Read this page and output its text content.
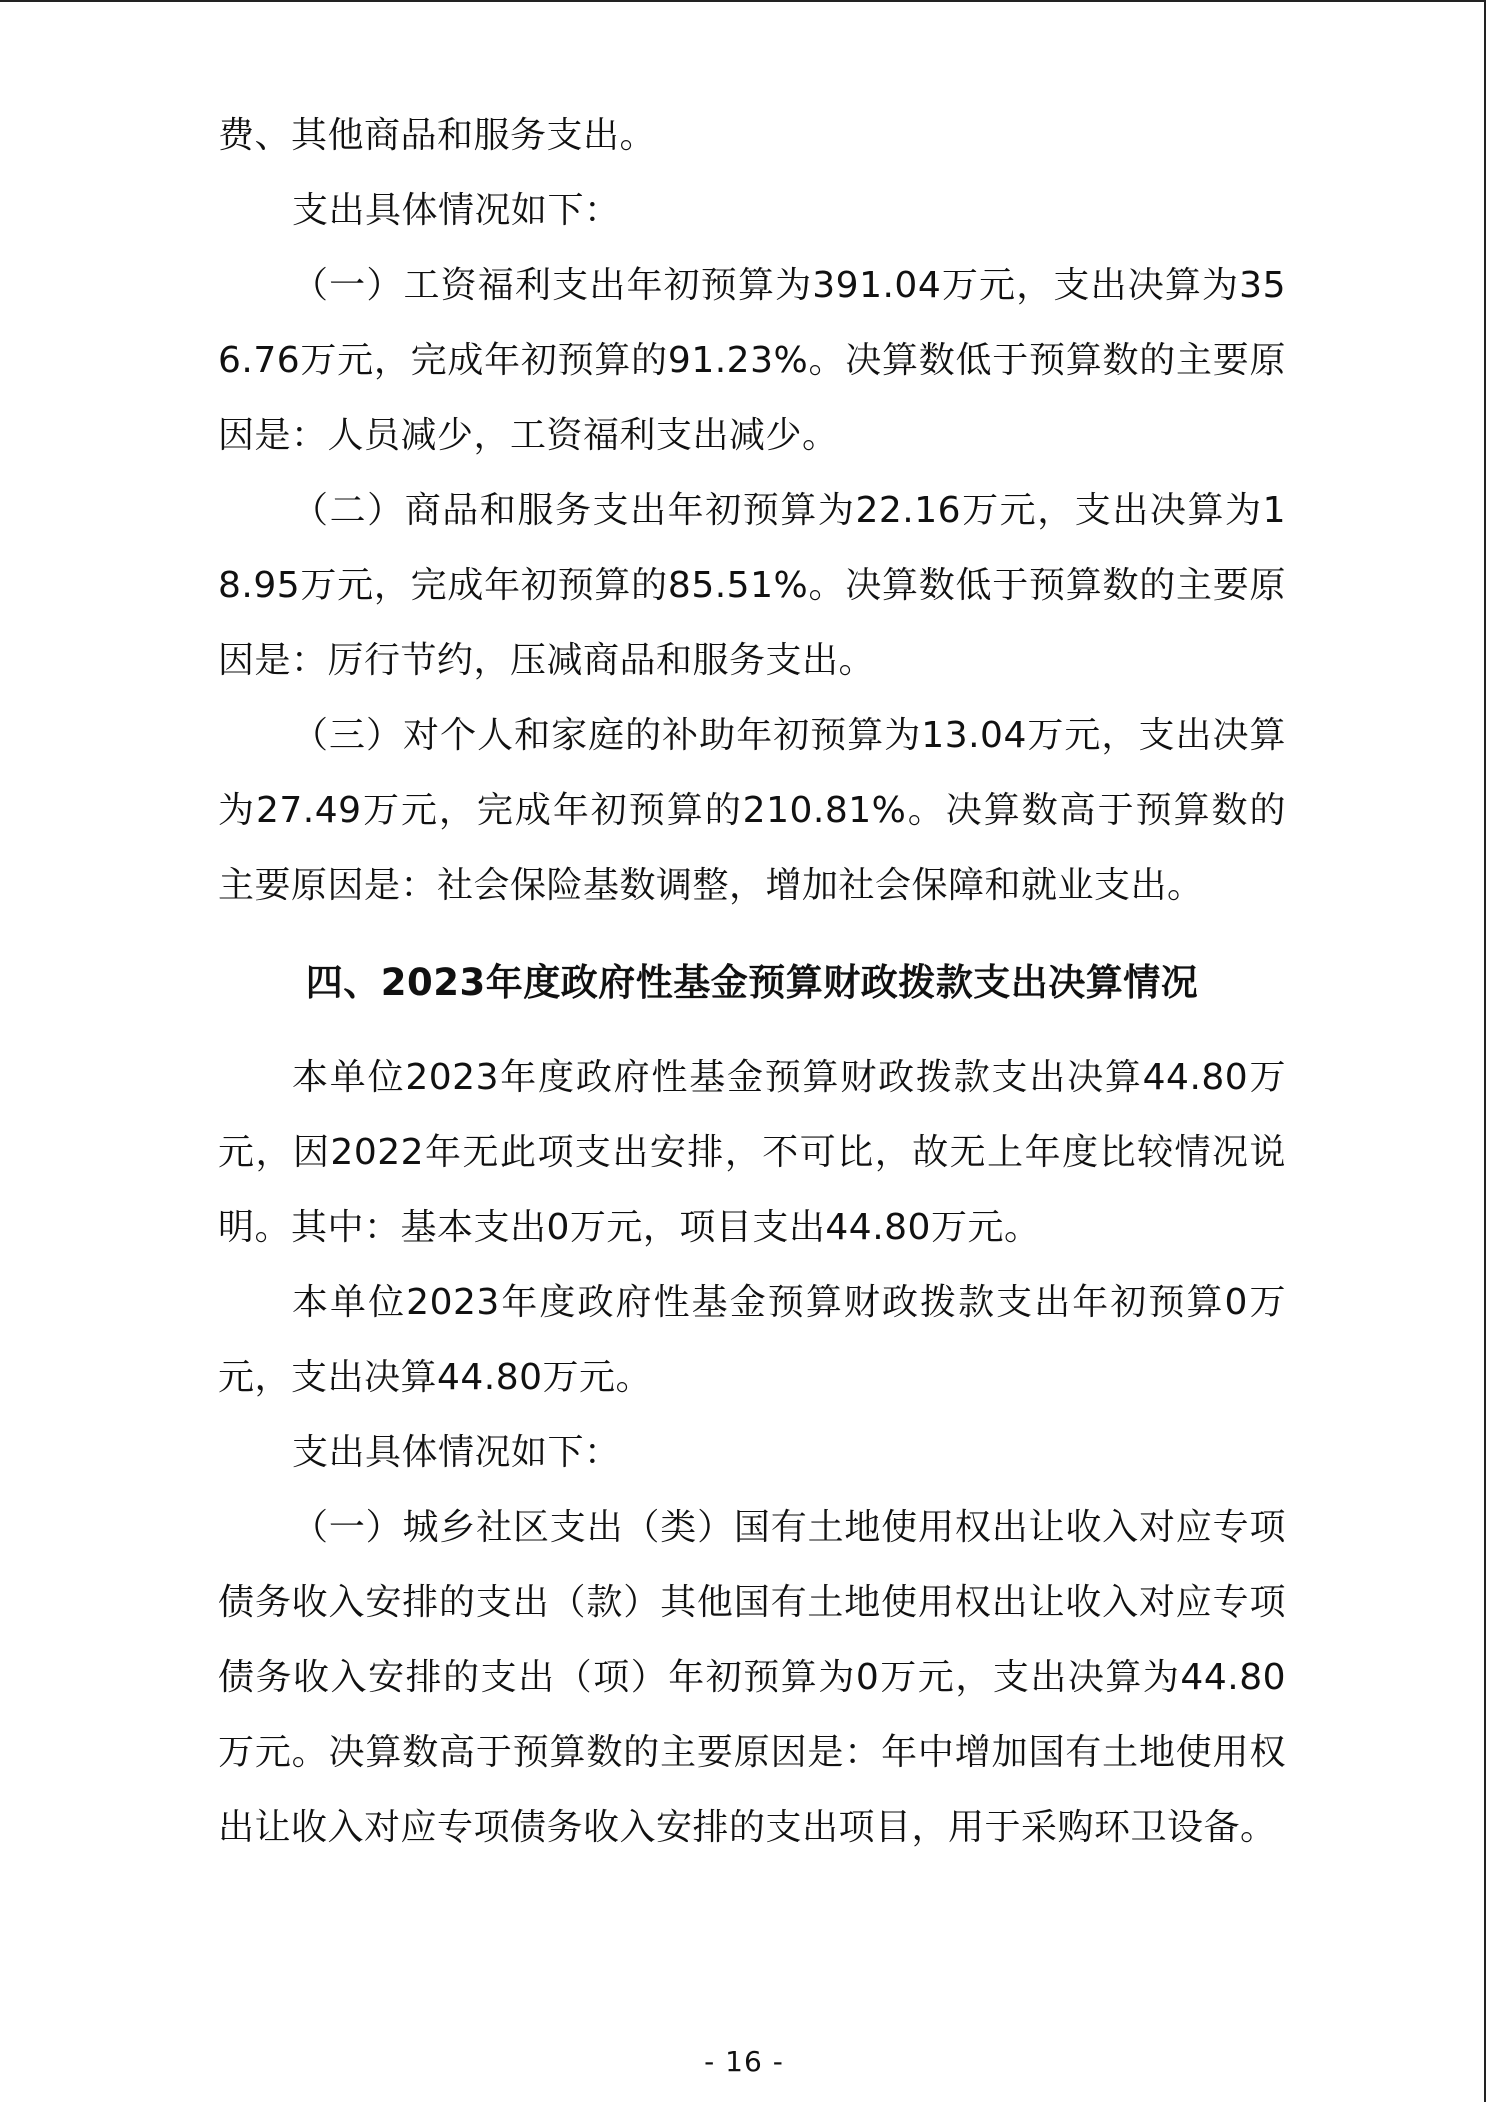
费、其他商品和服务支出。

支出具体情况如下：

（一）工资福利支出年初预算为391.04万元，支出决算为356.76万元，完成年初预算的91.23%。决算数低于预算数的主要原因是：人员减少，工资福利支出减少。

（二）商品和服务支出年初预算为22.16万元，支出决算为18.95万元，完成年初预算的85.51%。决算数低于预算数的主要原因是：厉行节约，压减商品和服务支出。

（三）对个人和家庭的补助年初预算为13.04万元，支出决算为27.49万元，完成年初预算的210.81%。决算数高于预算数的主要原因是：社会保险基数调整，增加社会保障和就业支出。

四、2023年度政府性基金预算财政拨款支出决算情况

本单位2023年度政府性基金预算财政拨款支出决算44.80万元，因2022年无此项支出安排，不可比，故无上年度比较情况说明。其中：基本支出0万元，项目支出44.80万元。

本单位2023年度政府性基金预算财政拨款支出年初预算0万元，支出决算44.80万元。

支出具体情况如下：

（一）城乡社区支出（类）国有土地使用权出让收入对应专项债务收入安排的支出（款）其他国有土地使用权出让收入对应专项债务收入安排的支出（项）年初预算为0万元，支出决算为44.80万元。决算数高于预算数的主要原因是：年中增加国有土地使用权出让收入对应专项债务收入安排的支出项目，用于采购环卫设备。

- 16 -
